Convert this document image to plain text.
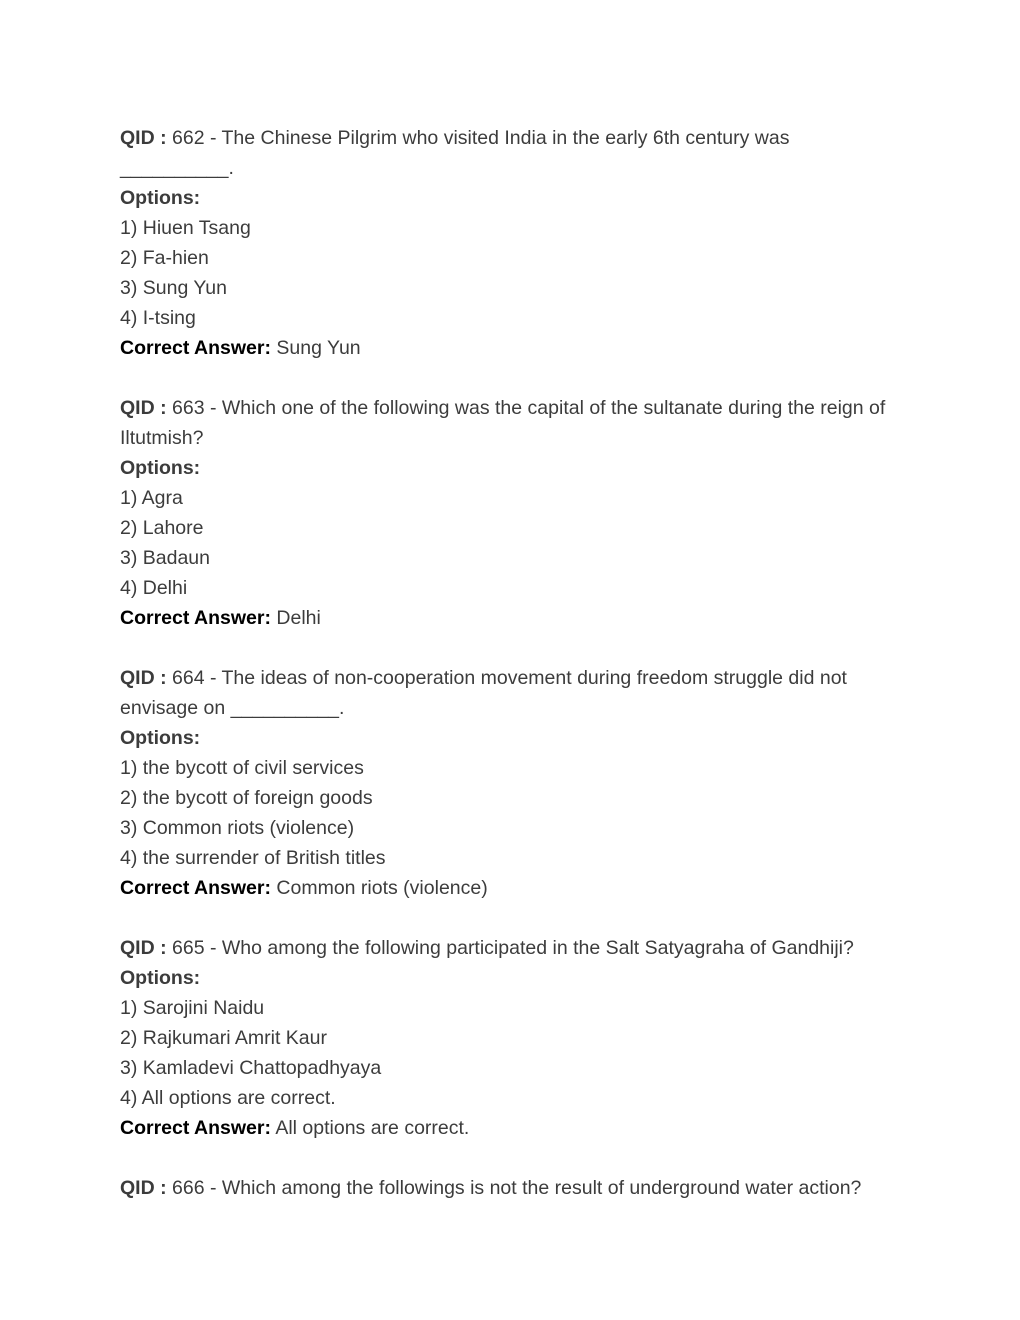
QID : 662 - The Chinese Pilgrim who visited India in the early 6th century was __________.
Options:
1) Hiuen Tsang
2) Fa-hien
3) Sung Yun
4) I-tsing
Correct Answer: Sung Yun
QID : 663 - Which one of the following was the capital of the sultanate during the reign of Iltutmish?
Options:
1) Agra
2) Lahore
3) Badaun
4) Delhi
Correct Answer: Delhi
QID : 664 - The ideas of non-cooperation movement during freedom struggle did not envisage on __________.
Options:
1) the bycott of civil services
2) the bycott of foreign goods
3) Common riots (violence)
4) the surrender of British titles
Correct Answer: Common riots (violence)
QID : 665 - Who among the following participated in the Salt Satyagraha of Gandhiji?
Options:
1) Sarojini Naidu
2) Rajkumari Amrit Kaur
3) Kamladevi Chattopadhyaya
4) All options are correct.
Correct Answer: All options are correct.
QID : 666 - Which among the followings is not the result of underground water action?
